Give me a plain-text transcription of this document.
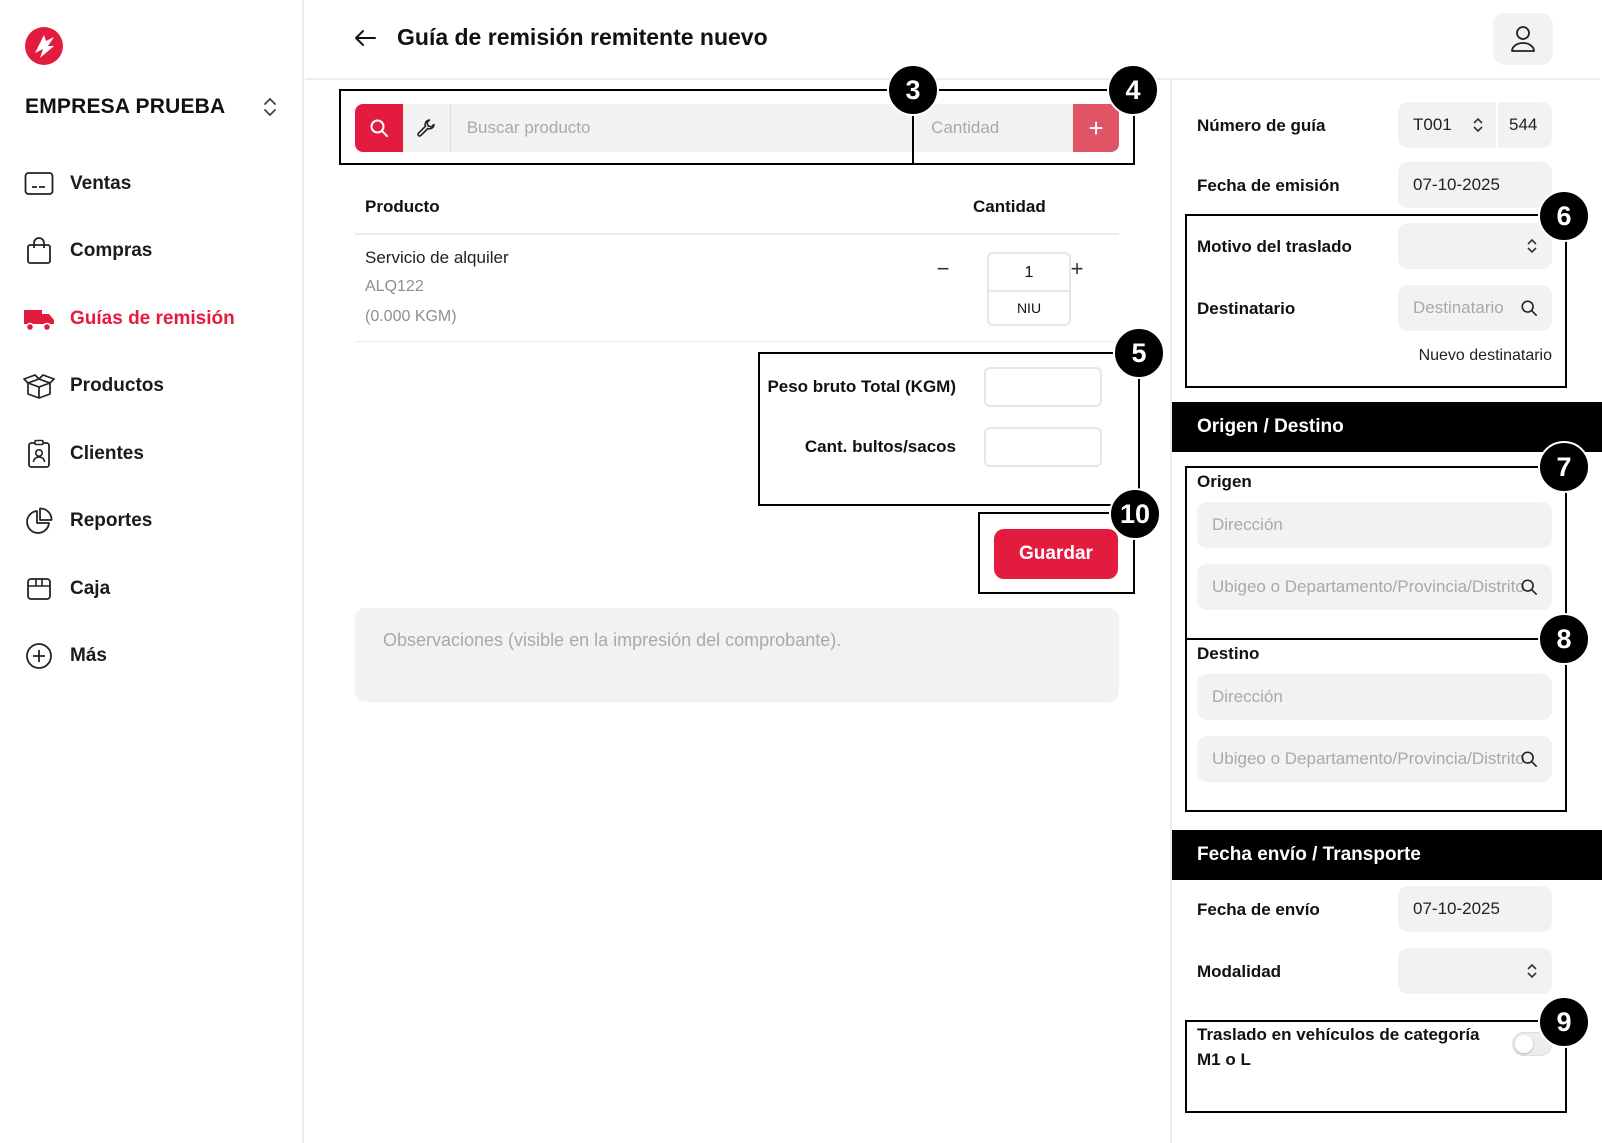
EMPRESA PRUEBA
Ventas
Compras
Guías de remisión
Productos
Clientes
Reportes
Caja
Más
Guía de remisión remitente nuevo
Buscar producto
Cantidad
+
Producto	Cantidad
Servicio de alquiler
ALQ122
(0.000 KGM)
−	1
NIU
+
Peso bruto Total (KGM)
Cant. bultos/sacos
Guardar
Observaciones (visible en la impresión del comprobante).
Número de guía	T001	544
Fecha de emisión	07-10-2025
Motivo del traslado
Destinatario	Destinatario
Nuevo destinatario
Origen / Destino
Origen
Dirección
Ubigeo o Departamento/Provincia/Distrito
Destino
Dirección
Ubigeo o Departamento/Provincia/Distrito
Fecha envío / Transporte
Fecha de envío	07-10-2025
Modalidad
Traslado en vehículos de categoría M1 o L
3	4
5
6
7
8
9
10
